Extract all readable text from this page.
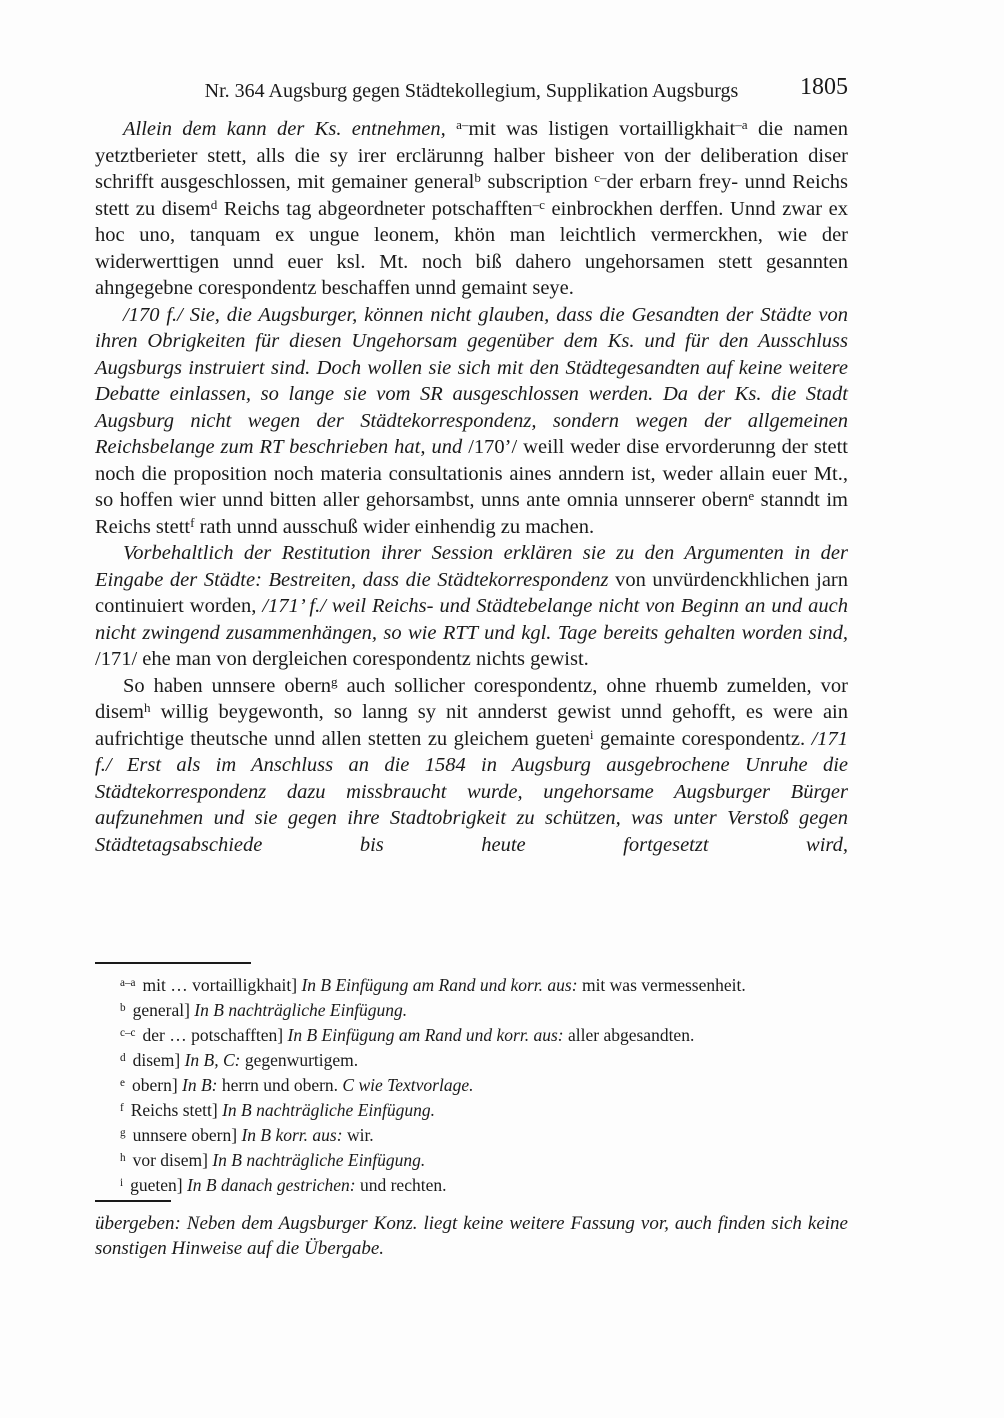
Nr. 364 Augsburg gegen Städtekollegium, Supplikation Augsburgs	1805

Allein dem kann der Ks. entnehmen, $^{a-}$mit was listigen vortailligkhait$^{-a}$ die namen yetztberieter stett, alls die sy irer erclärunng halber bisheer von der deliberation diser schrifft ausgeschlossen, mit gemainer general$^b$ subscription $^{c-}$der erbarn frey- unnd Reichs stett zu disem$^d$ Reichs tag abgeordneter potschafften$^{-c}$ einbrockhen derffen. Unnd zwar ex hoc uno, tanquam ex ungue leonem, khön man leichtlich vermerckhen, wie der widerwerttigen unnd euer ksl. Mt. noch biß dahero ungehorsamen stett gesannten ahngegebne corespondentz beschaffen unnd gemaint seye.

/170 f./ Sie, die Augsburger, können nicht glauben, dass die Gesandten der Städte von ihren Obrigkeiten für diesen Ungehorsam gegenüber dem Ks. und für den Ausschluss Augsburgs instruiert sind. Doch wollen sie sich mit den Städtegesandten auf keine weitere Debatte einlassen, so lange sie vom SR ausgeschlossen werden. Da der Ks. die Stadt Augsburg nicht wegen der Städtekorrespondenz, sondern wegen der allgemeinen Reichsbelange zum RT beschrieben hat, und /170’/ weill weder dise ervorderunng der stett noch die proposition noch materia consultationis aines anndern ist, weder allain euer Mt., so hoffen wier unnd bitten aller gehorsambst, unns ante omnia unnserer obern$^e$ stanndt im Reichs stett$^f$ rath unnd ausschuß wider einhendig zu machen.

Vorbehaltlich der Restitution ihrer Session erklären sie zu den Argumenten in der Eingabe der Städte: Bestreiten, dass die Städtekorrespondenz von unvürdenckhlichen jarn continuiert worden, /171’ f./ weil Reichs- und Städtebelange nicht von Beginn an und auch nicht zwingend zusammenhängen, so wie RTT und kgl. Tage bereits gehalten worden sind, /171/ ehe man von dergleichen corespondentz nichts gewist.

So haben unnsere obern$^g$ auch sollicher corespondentz, ohne rhuemb zumelden, vor disem$^h$ willig beygewonth, so lanng sy nit annderst gewist unnd gehofft, es were ain aufrichtige theutsche unnd allen stetten zu gleichem gueten$^i$ gemainte corespondentz. /171 f./ Erst als im Anschluss an die 1584 in Augsburg ausgebrochene Unruhe die Städtekorrespondenz dazu missbraucht wurde, ungehorsame Augsburger Bürger aufzunehmen und sie gegen ihre Stadtobrigkeit zu schützen, was unter Verstoß gegen Städtetagsabschiede bis heute fortgesetzt wird,

$^{a-a}$ mit … vortailligkhait] In B Einfügung am Rand und korr. aus: mit was vermessenheit.
$^b$ general] In B nachträgliche Einfügung.
$^{c-c}$ der … potschafften] In B Einfügung am Rand und korr. aus: aller abgesandten.
$^d$ disem] In B, C: gegenwurtigem.
$^e$ obern] In B: herrn und obern. C wie Textvorlage.
$^f$ Reichs stett] In B nachträgliche Einfügung.
$^g$ unnsere obern] In B korr. aus: wir.
$^h$ vor disem] In B nachträgliche Einfügung.
$^i$ gueten] In B danach gestrichen: und rechten.

übergeben: Neben dem Augsburger Konz. liegt keine weitere Fassung vor, auch finden sich keine sonstigen Hinweise auf die Übergabe.
